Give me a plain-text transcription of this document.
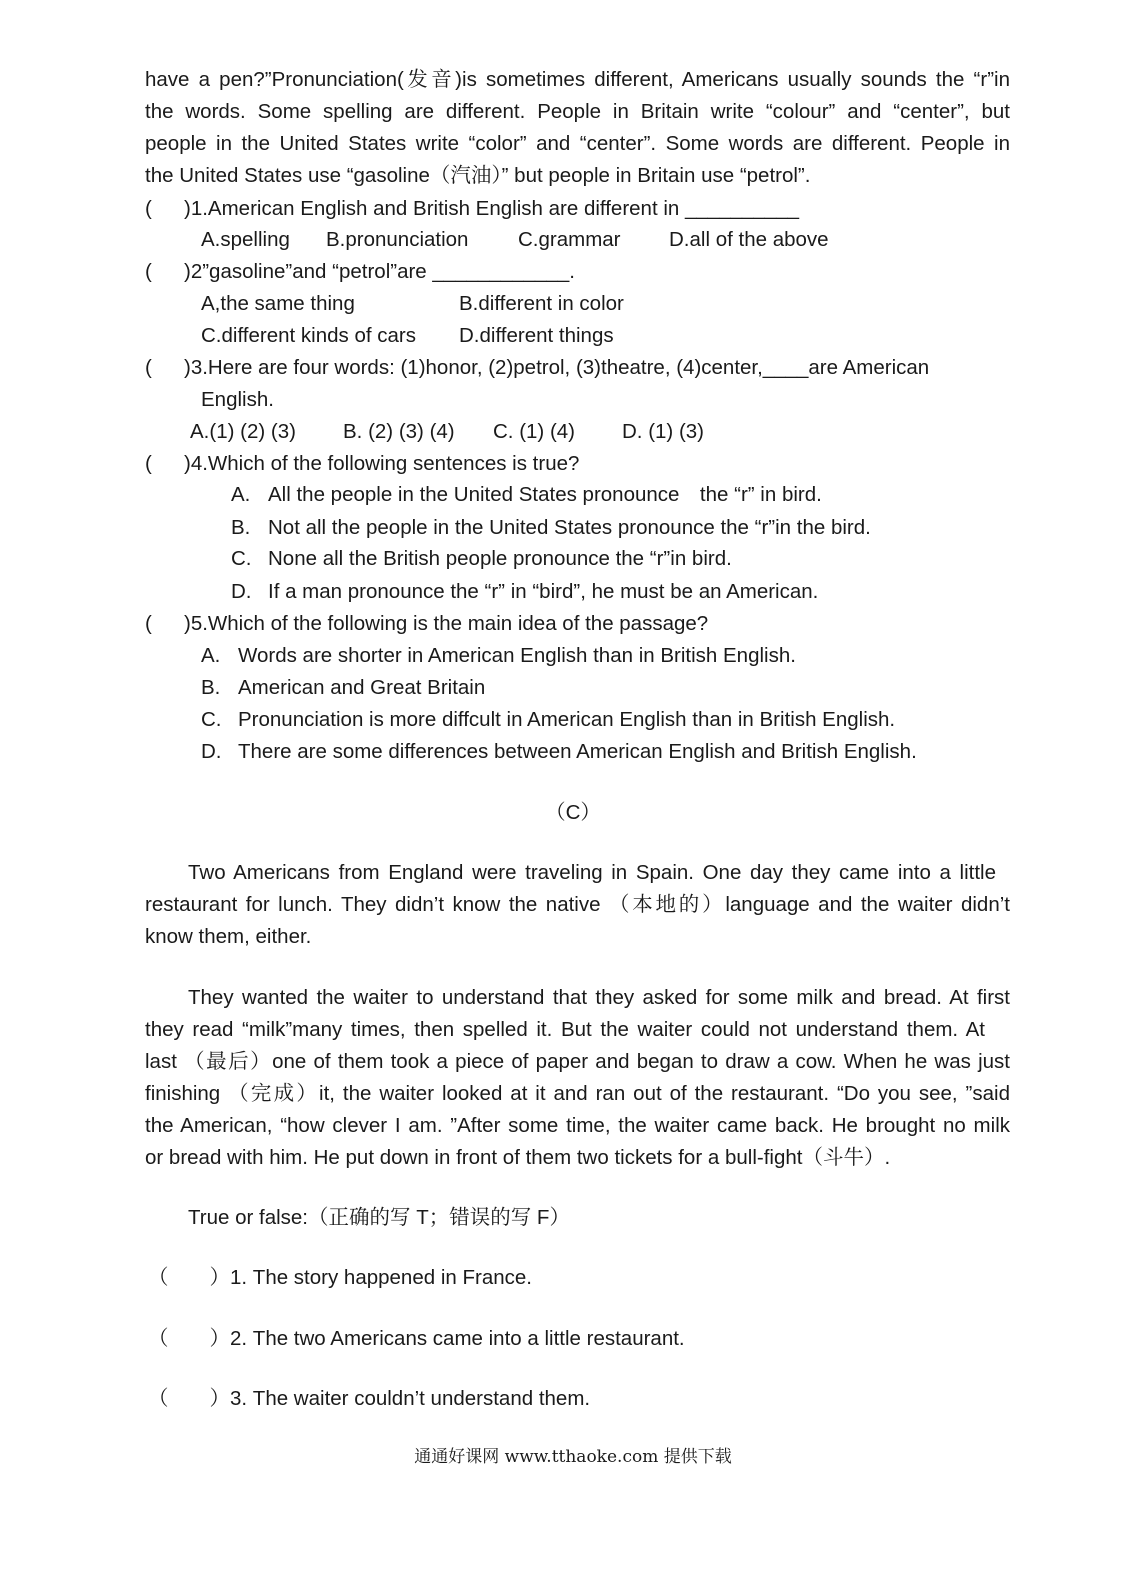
have a pen?”Pronunciation(发音)is sometimes different, Americans usually sounds the “r”in
the words. Some spelling are different. People in Britain write “colour” and “center”, but
people in the United States write “color” and “center”. Some words are different. People in
the United States use “gasoline（汽油）” but people in Britain use “petrol”.
( )1.American English and British English are different in __________
A.spelling B.pronunciation C.grammar D.all of the above
( )2”gasoline”and “petrol”are ____________.
A,the same thing	B.different in color
C.different kinds of cars D.different things
( )3.Here are four words: (1)honor, (2)petrol, (3)theatre, (4)center,____are American
English.
A.(1) (2) (3) B. (2) (3) (4) C. (1) (4) D. (1) (3)
( )4.Which of the following sentences is true?
A. All the people in the United States pronounce　the “r” in bird.
B. Not all the people in the United States pronounce the “r”in the bird.
C. None all the British people pronounce the “r”in bird.
D. If a man pronounce the “r” in “bird”, he must be an American.
( )5.Which of the following is the main idea of the passage?
A. Words are shorter in American English than in British English.
B. American and Great Britain
C. Pronunciation is more diffcult in American English than in British English.
D. There are some differences between American English and British English.
（C）
Two Americans from England were traveling in Spain. One day they came into a little
restaurant for lunch. They didn’t know the native （本地的）language and the waiter didn’t
know them, either.
They wanted the waiter to understand that they asked for some milk and bread. At first
they read “milk”many times, then spelled it. But the waiter could not understand them. At
last （最后）one of them took a piece of paper and began to draw a cow. When he was just
finishing （完成）it, the waiter looked at it and ran out of the restaurant. “Do you see, ”said
the American, “how clever I am. ”After some time, the waiter came back. He brought no milk
or bread with him. He put down in front of them two tickets for a bull-fight（斗牛）.
True or false:（正确的写 T；错误的写 F）
（　　）1. The story happened in France.
（　　）2. The two Americans came into a little restaurant.
（　　）3. The waiter couldn’t understand them.
通通好课网 www.tthaoke.com 提供下载
